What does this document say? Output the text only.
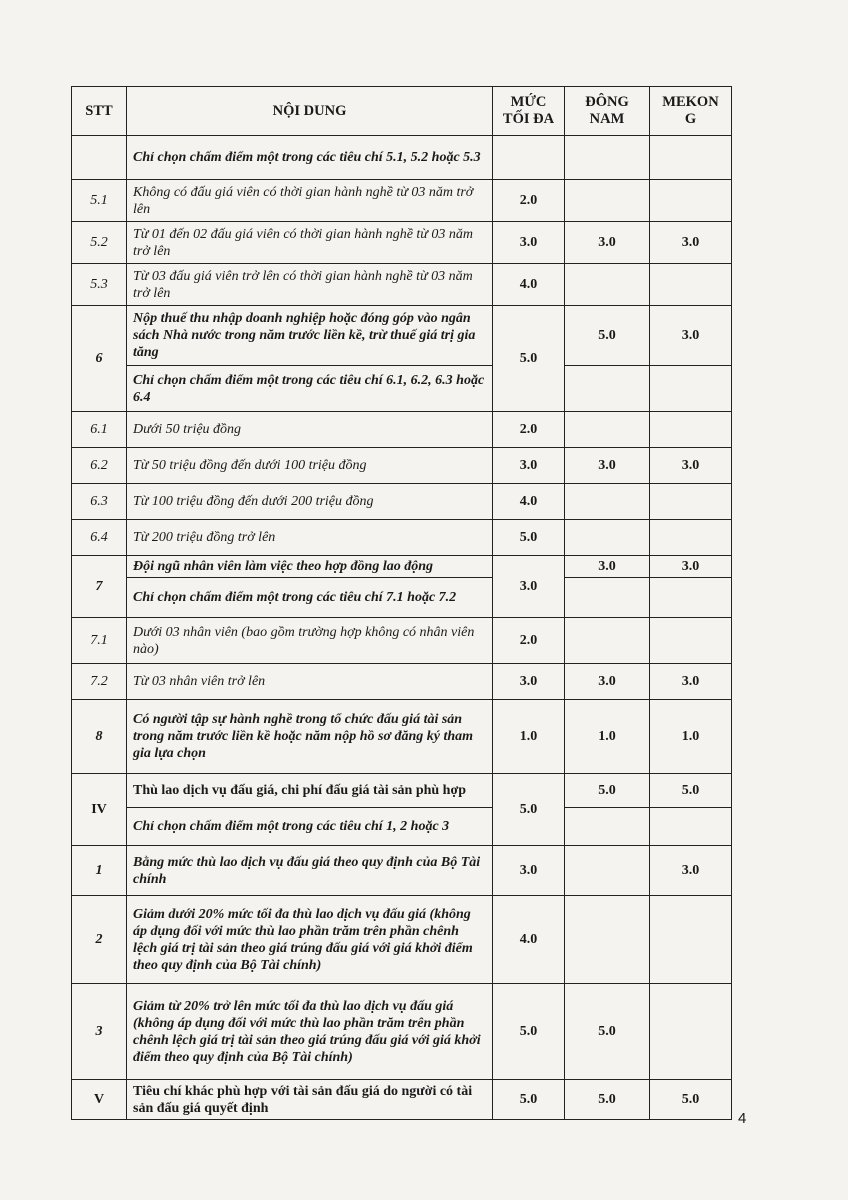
STT	NỘI DUNG	MỨC TỐI ĐA	ĐÔNG NAM	MEKON G
	Chỉ chọn chấm điểm một trong các tiêu chí 5.1, 5.2 hoặc 5.3			
5.1	Không có đấu giá viên có thời gian hành nghề từ 03 năm trở lên	2.0		
5.2	Từ 01 đến 02 đấu giá viên có thời gian hành nghề từ 03 năm trở lên	3.0	3.0	3.0
5.3	Từ 03 đấu giá viên trở lên có thời gian hành nghề từ 03 năm trở lên	4.0		
6	Nộp thuế thu nhập doanh nghiệp hoặc đóng góp vào ngân sách Nhà nước trong năm trước liền kề, trừ thuế giá trị gia tăng	5.0	5.0	3.0
	Chỉ chọn chấm điểm một trong các tiêu chí 6.1, 6.2, 6.3 hoặc 6.4			
6.1	Dưới 50 triệu đồng	2.0		
6.2	Từ 50 triệu đồng đến dưới 100 triệu đồng	3.0	3.0	3.0
6.3	Từ 100 triệu đồng đến dưới 200 triệu đồng	4.0		
6.4	Từ 200 triệu đồng trở lên	5.0		
7	Đội ngũ nhân viên làm việc theo hợp đồng lao động	3.0	3.0	3.0
	Chỉ chọn chấm điểm một trong các tiêu chí 7.1 hoặc 7.2			
7.1	Dưới 03 nhân viên (bao gồm trường hợp không có nhân viên nào)	2.0		
7.2	Từ 03 nhân viên trở lên	3.0	3.0	3.0
8	Có người tập sự hành nghề trong tổ chức đấu giá tài sản trong năm trước liền kề hoặc năm nộp hồ sơ đăng ký tham gia lựa chọn	1.0	1.0	1.0
IV	Thù lao dịch vụ đấu giá, chi phí đấu giá tài sản phù hợp	5.0	5.0	5.0
	Chỉ chọn chấm điểm một trong các tiêu chí 1, 2 hoặc 3			
1	Bằng mức thù lao dịch vụ đấu giá theo quy định của Bộ Tài chính	3.0		3.0
2	Giảm dưới 20% mức tối đa thù lao dịch vụ đấu giá (không áp dụng đối với mức thù lao phần trăm trên phần chênh lệch giá trị tài sản theo giá trúng đấu giá với giá khởi điểm theo quy định của Bộ Tài chính)	4.0		
3	Giảm từ 20% trở lên mức tối đa thù lao dịch vụ đấu giá (không áp dụng đối với mức thù lao phần trăm trên phần chênh lệch giá trị tài sản theo giá trúng đấu giá với giá khởi điểm theo quy định của Bộ Tài chính)	5.0	5.0	
V	Tiêu chí khác phù hợp với tài sản đấu giá do người có tài sản đấu giá quyết định	5.0	5.0	5.0
4
